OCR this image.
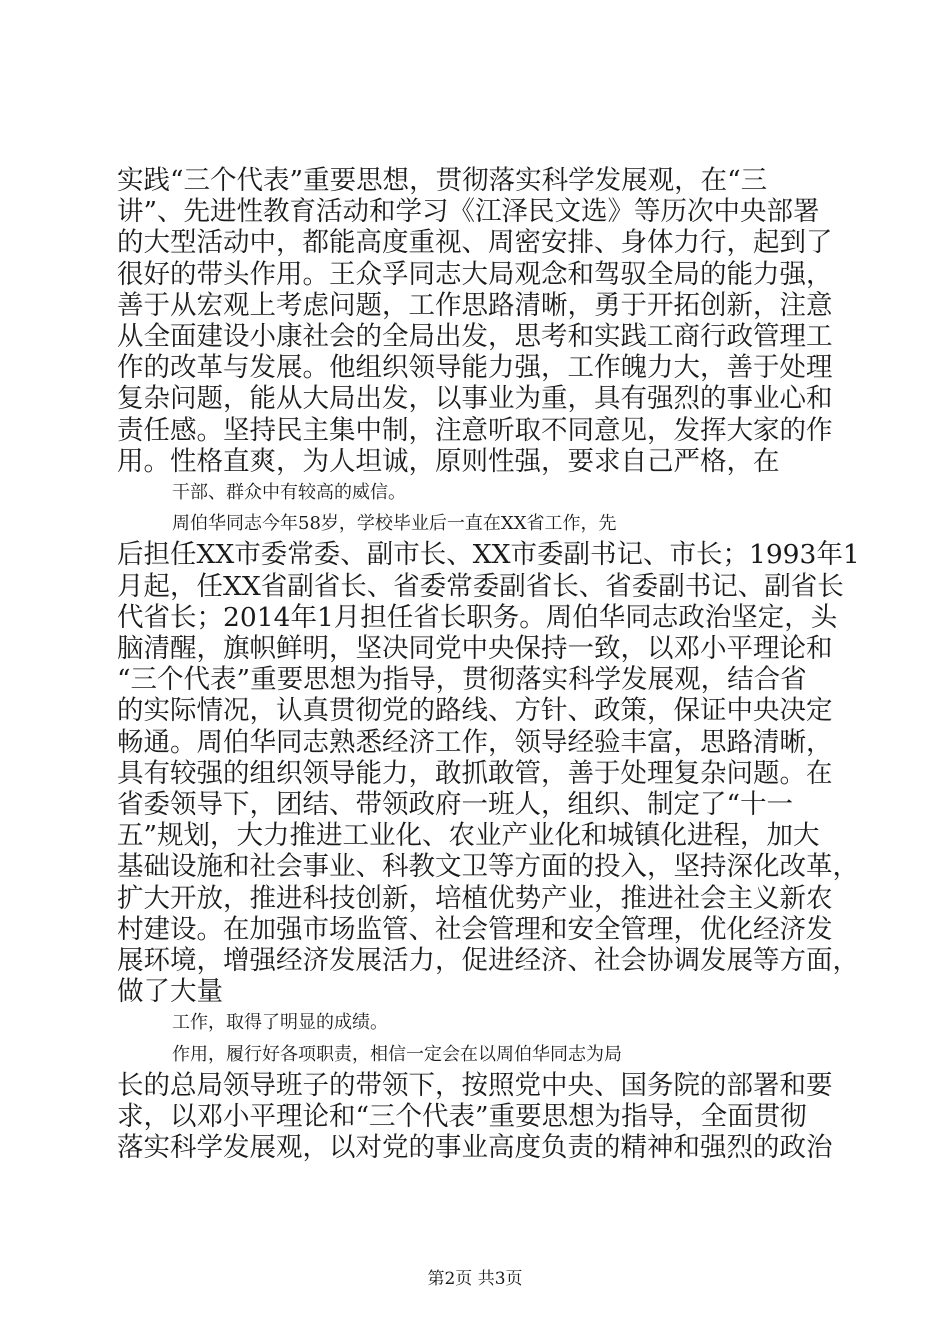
实践“三个代表”重要思想，贯彻落实科学发展观，在“三
讲”、先进性教育活动和学习《江泽民文选》等历次中央部署
的大型活动中，都能高度重视、周密安排、身体力行，起到了
很好的带头作用。王众孚同志大局观念和驾驭全局的能力强，
善于从宏观上考虑问题，工作思路清晰，勇于开拓创新，注意
从全面建设小康社会的全局出发，思考和实践工商行政管理工
作的改革与发展。他组织领导能力强，工作魄力大，善于处理
复杂问题，能从大局出发，以事业为重，具有强烈的事业心和
责任感。坚持民主集中制，注意听取不同意见，发挥大家的作
用。性格直爽，为人坦诚，原则性强，要求自己严格，在
干部、群众中有较高的威信。
周伯华同志今年58岁，学校毕业后一直在XX省工作，先
后担任XX市委常委、副市长、XX市委副书记、市长；1993年1
月起，任XX省副省长、省委常委副省长、省委副书记、副省长
代省长；2014年1月担任省长职务。周伯华同志政治坚定，头
脑清醒，旗帜鲜明，坚决同党中央保持一致，以邓小平理论和
“三个代表”重要思想为指导，贯彻落实科学发展观，结合省
的实际情况，认真贯彻党的路线、方针、政策，保证中央决定
畅通。周伯华同志熟悉经济工作，领导经验丰富，思路清晰，
具有较强的组织领导能力，敢抓敢管，善于处理复杂问题。在
省委领导下，团结、带领政府一班人，组织、制定了“十一
五”规划，大力推进工业化、农业产业化和城镇化进程，加大
基础设施和社会事业、科教文卫等方面的投入，坚持深化改革，
扩大开放，推进科技创新，培植优势产业，推进社会主义新农
村建设。在加强市场监管、社会管理和安全管理，优化经济发
展环境，增强经济发展活力，促进经济、社会协调发展等方面，
做了大量
工作，取得了明显的成绩。
作用，履行好各项职责，相信一定会在以周伯华同志为局
长的总局领导班子的带领下，按照党中央、国务院的部署和要
求，以邓小平理论和“三个代表”重要思想为指导，全面贯彻
落实科学发展观，以对党的事业高度负责的精神和强烈的政治
第2页 共3页
